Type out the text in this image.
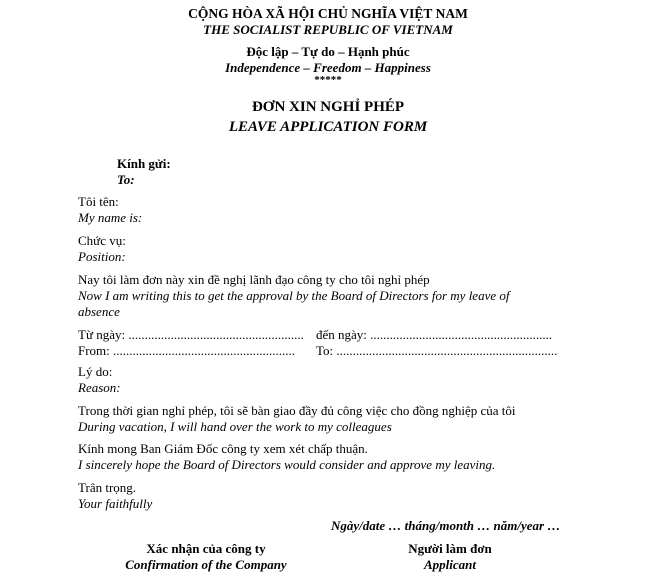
CỘNG HÒA XÃ HỘI CHỦ NGHĨA VIỆT NAM
THE SOCIALIST REPUBLIC OF VIETNAM
Độc lập – Tự do – Hạnh phúc
Independence – Freedom – Happiness
*****
ĐƠN XIN NGHỈ PHÉP
LEAVE APPLICATION FORM
Kính gửi:
To:
Tôi tên:
My name is:
Chức vụ:
Position:
Nay tôi làm đơn này xin đề nghị lãnh đạo công ty cho tôi nghỉ phép
Now I am writing this to get the approval by the Board of Directors for my leave of
absence
Từ ngày: ...................................................... đến ngày: ........................................................
From: ........................................................ To: ....................................................................
Lý do:
Reason:
Trong thời gian nghỉ phép, tôi sẽ bàn giao đầy đủ công việc cho đồng nghiệp của tôi
During vacation, I will hand over the work to my colleagues
Kính mong Ban Giám Đốc công ty xem xét chấp thuận.
I sincerely hope the Board of Directors would consider and approve my leaving.
Trân trọng.
Your faithfully
Ngày/date … tháng/month … năm/year …
Xác nhận của công ty
Confirmation of the Company
Người làm đơn
Applicant
